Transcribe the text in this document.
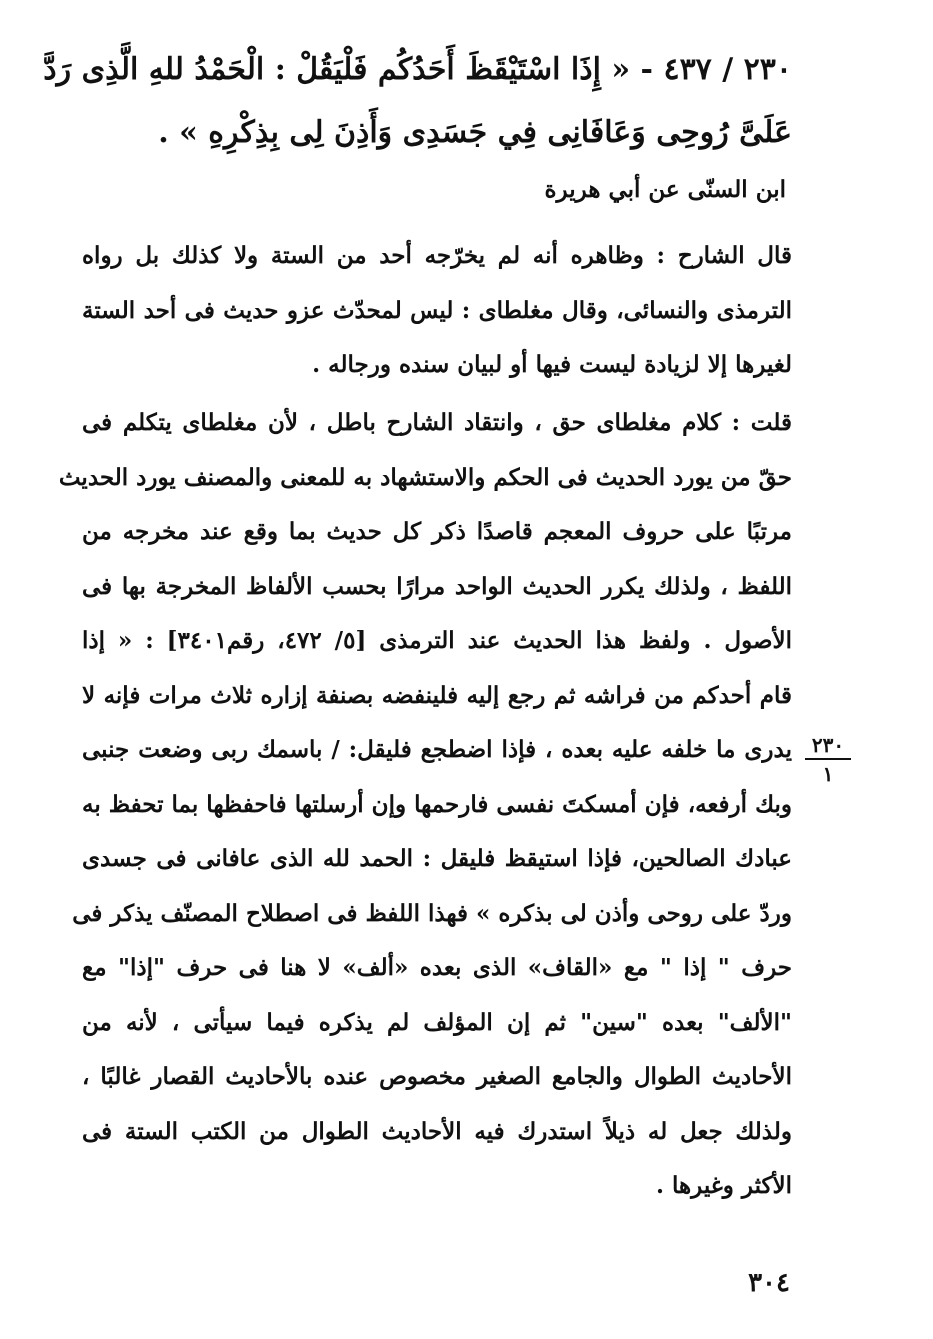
٢٣٠ / ٤٣٧ - « إِذَا اسْتَيْقَظَ أَحَدُكُم فَلْيَقُلْ : الْحَمْدُ للهِ الَّذِى رَدَّ
عَلَىَّ رُوحِى وَعَافَانِى فِي جَسَدِى وَأَذِنَ لِى بِذِكْرِهِ » .
ابن السنّى عن أبي هريرة
قال الشارح : وظاهره أنه لم يخرّجه أحد من الستة ولا كذلك بل رواه
الترمذى والنسائى، وقال مغلطاى : ليس لمحدّث عزو حديث فى أحد الستة
لغيرها إلا لزيادة ليست فيها أو لبيان سنده ورجاله .
قلت : كلام مغلطاى حق ، وانتقاد الشارح باطل ، لأن مغلطاى يتكلم فى
حقّ من يورد الحديث فى الحكم والاستشهاد به للمعنى والمصنف يورد الحديث
مرتبًا على حروف المعجم قاصدًا ذكر كل حديث بما وقع عند مخرجه من
اللفظ ، ولذلك يكرر الحديث الواحد مرارًا بحسب الألفاظ المخرجة بها فى
الأصول . ولفظ هذا الحديث عند الترمذى [٥/ ٤٧٢، رقم٣٤٠١] : « إذا
قام أحدكم من فراشه ثم رجع إليه فلينفضه بصنفة إزاره ثلاث مرات فإنه لا
يدرى ما خلفه عليه بعده ، فإذا اضطجع فليقل: / باسمك ربى وضعت جنبى
وبك أرفعه، فإن أمسكتَ نفسى فارحمها وإن أرسلتها فاحفظها بما تحفظ به
عبادك الصالحين، فإذا استيقظ فليقل : الحمد لله الذى عافانى فى جسدى
وردّ على روحى وأذن لى بذكره » فهذا اللفظ فى اصطلاح المصنّف يذكر فى
حرف " إذا " مع «القاف» الذى بعده «ألف» لا هنا فى حرف "إذا" مع
"الألف" بعده "سين" ثم إن المؤلف لم يذكره فيما سيأتى ، لأنه من
الأحاديث الطوال والجامع الصغير مخصوص عنده بالأحاديث القصار غالبًا ،
ولذلك جعل له ذيلاً استدرك فيه الأحاديث الطوال من الكتب الستة فى
الأكثر وغيرها .
٢٣٠
١
٣٠٤
